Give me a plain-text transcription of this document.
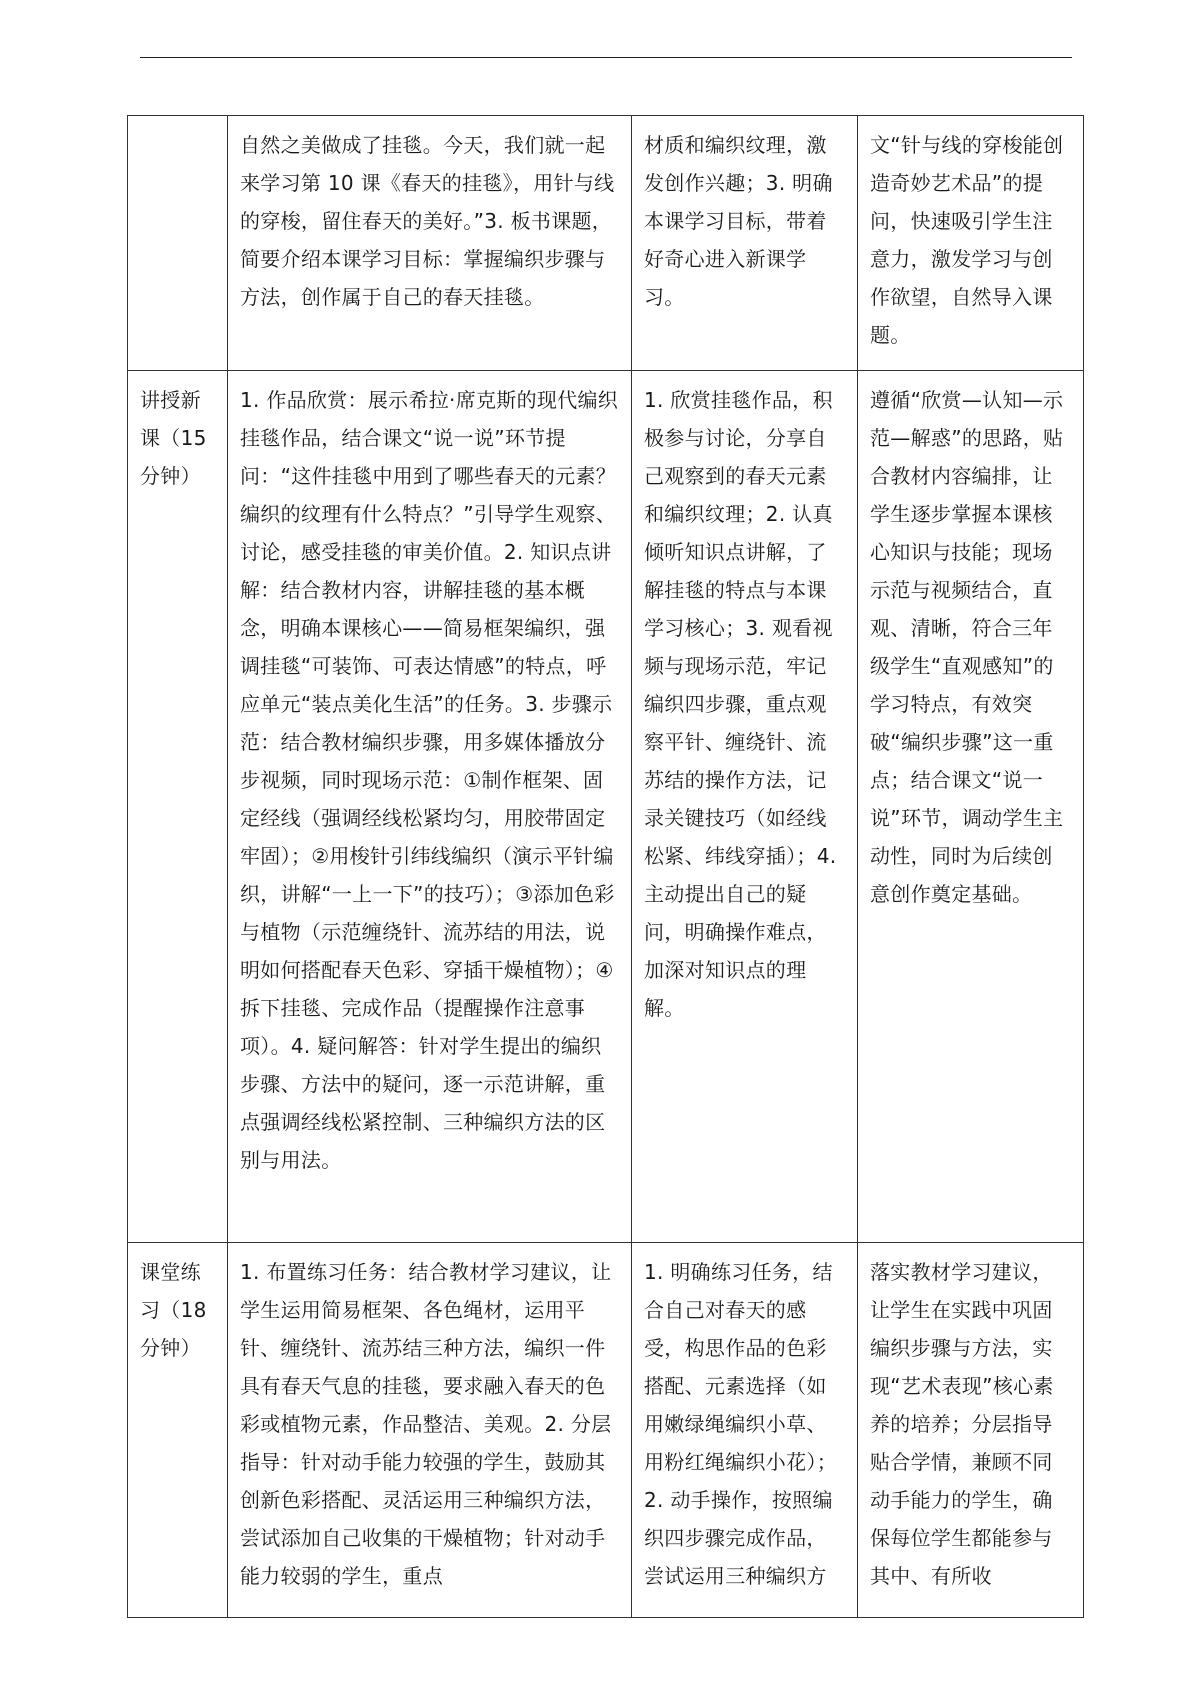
	自然之美做成了挂毯。今天，我们就一起来学习第 10 课《春天的挂毯》，用针与线的穿梭，留住春天的美好。”3. 板书课题，简要介绍本课学习目标：掌握编织步骤与方法，创作属于自己的春天挂毯。	材质和编织纹理，激发创作兴趣；3. 明确本课学习目标，带着好奇心进入新课学习。	文“针与线的穿梭能创造奇妙艺术品”的提问，快速吸引学生注意力，激发学习与创作欲望，自然导入课题。
讲授新课（15分钟）	1. 作品欣赏：展示希拉·席克斯的现代编织挂毯作品，结合课文“说一说”环节提问：“这件挂毯中用到了哪些春天的元素？编织的纹理有什么特点？”引导学生观察、讨论，感受挂毯的审美价值。2. 知识点讲解：结合教材内容，讲解挂毯的基本概念，明确本课核心——简易框架编织，强调挂毯“可装饰、可表达情感”的特点，呼应单元“装点美化生活”的任务。3. 步骤示范：结合教材编织步骤，用多媒体播放分步视频，同时现场示范：①制作框架、固定经线（强调经线松紧均匀，用胶带固定牢固）；②用梭针引纬线编织（演示平针编织，讲解“一上一下”的技巧）；③添加色彩与植物（示范缠绕针、流苏结的用法，说明如何搭配春天色彩、穿插干燥植物）；④拆下挂毯、完成作品（提醒操作注意事项）。4. 疑问解答：针对学生提出的编织步骤、方法中的疑问，逐一示范讲解，重点强调经线松紧控制、三种编织方法的区别与用法。	1. 欣赏挂毯作品，积极参与讨论，分享自己观察到的春天元素和编织纹理；2. 认真倾听知识点讲解，了解挂毯的特点与本课学习核心；3. 观看视频与现场示范，牢记编织四步骤，重点观察平针、缠绕针、流苏结的操作方法，记录关键技巧（如经线松紧、纬线穿插）；4. 主动提出自己的疑问，明确操作难点，加深对知识点的理解。	遵循“欣赏—认知—示范—解惑”的思路，贴合教材内容编排，让学生逐步掌握本课核心知识与技能；现场示范与视频结合，直观、清晰，符合三年级学生“直观感知”的学习特点，有效突破“编织步骤”这一重点；结合课文“说一说”环节，调动学生主动性，同时为后续创意创作奠定基础。
课堂练习（18分钟）	1. 布置练习任务：结合教材学习建议，让学生运用简易框架、各色绳材，运用平针、缠绕针、流苏结三种方法，编织一件具有春天气息的挂毯，要求融入春天的色彩或植物元素，作品整洁、美观。2. 分层指导：针对动手能力较强的学生，鼓励其创新色彩搭配、灵活运用三种编织方法，尝试添加自己收集的干燥植物；针对动手能力较弱的学生，重点	1. 明确练习任务，结合自己对春天的感受，构思作品的色彩搭配、元素选择（如用嫩绿绳编织小草、用粉红绳编织小花）；2. 动手操作，按照编织四步骤完成作品，尝试运用三种编织方	落实教材学习建议，让学生在实践中巩固编织步骤与方法，实现“艺术表现”核心素养的培养；分层指导贴合学情，兼顾不同动手能力的学生，确保每位学生都能参与其中、有所收
